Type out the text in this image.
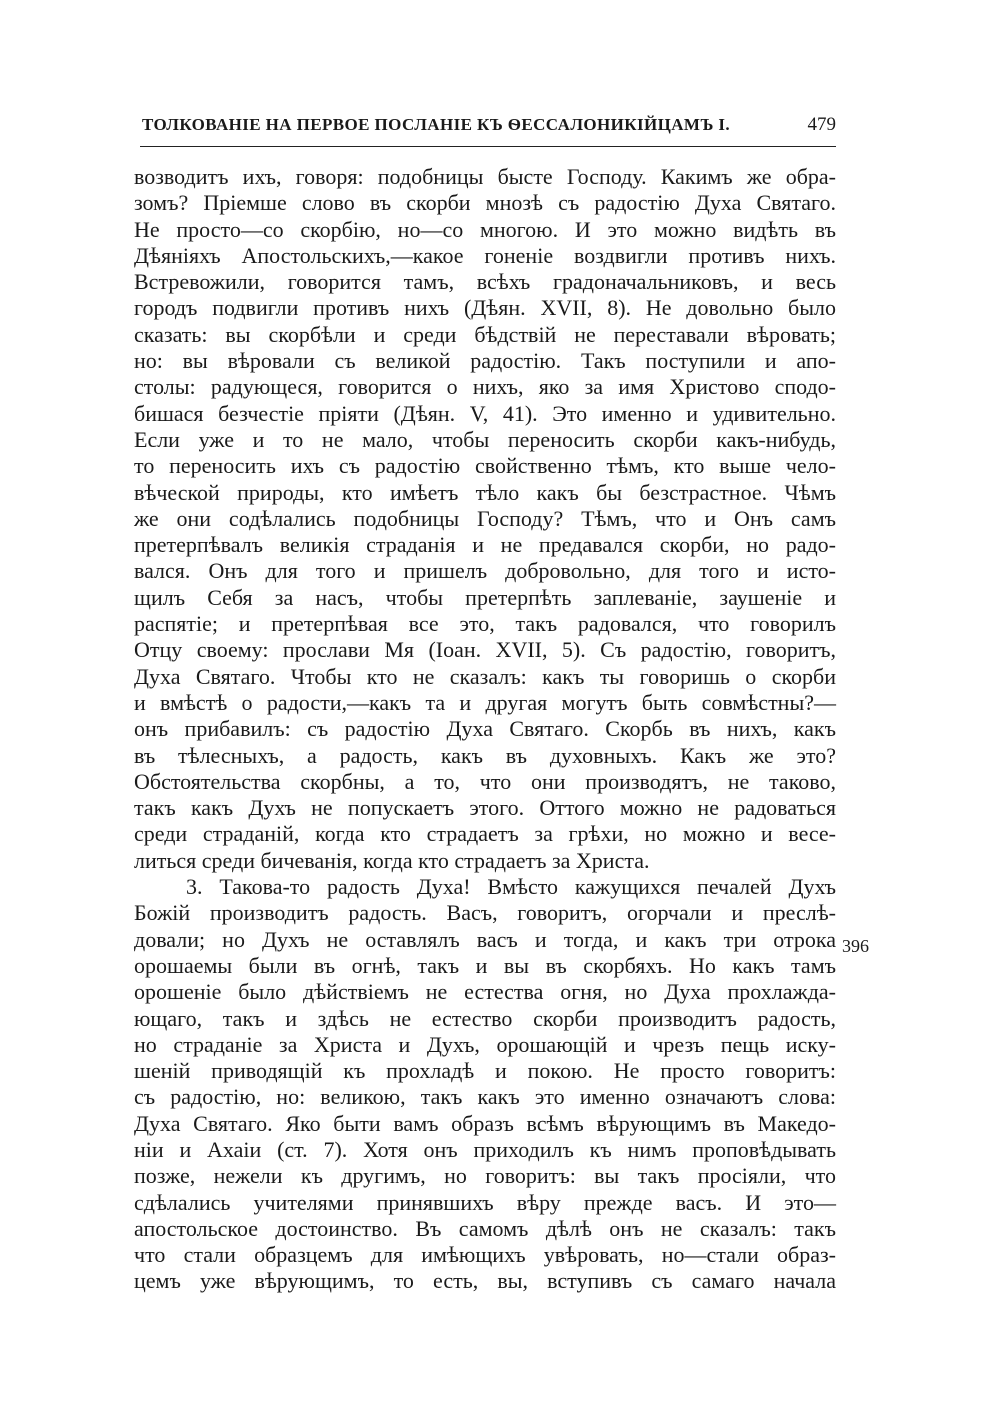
ТОЛКОВАНІЕ НА ПЕРВОЕ ПОСЛАНІЕ КЪ ѲЕССАЛОНИКІЙЦАМЪ I.	479
возводитъ ихъ, говоря: подобницы бысте Господу. Какимъ же обра-
зомъ? Пріемше слово въ скорби мнозѣ съ радостію Духа Святаго.
Не просто—со скорбію, но—со многою. И это можно видѣть въ
Дѣяніяхъ Апостольскихъ,—какое гоненіе воздвигли противъ нихъ.
Встревожили, говорится тамъ, всѣхъ градоначальниковъ, и весь
городъ подвигли противъ нихъ (Дѣян. XVII, 8). Не довольно было
сказать: вы скорбѣли и среди бѣдствій не переставали вѣровать;
но: вы вѣровали съ великой радостію. Такъ поступили и апо-
столы: радующеся, говорится о нихъ, яко за имя Христово сподо-
бишася безчестіе пріяти (Дѣян. V, 41). Это именно и удивительно.
Если уже и то не мало, чтобы переносить скорби какъ-нибудь,
то переносить ихъ съ радостію свойственно тѣмъ, кто выше чело-
вѣческой природы, кто имѣетъ тѣло какъ бы безстрастное. Чѣмъ
же они содѣлались подобницы Господу? Тѣмъ, что и Онъ самъ
претерпѣвалъ великія страданія и не предавался скорби, но радо-
вался. Онъ для того и пришелъ добровольно, для того и исто-
щилъ Себя за насъ, чтобы претерпѣть заплеваніе, заушеніе и
распятіе; и претерпѣвая все это, такъ радовался, что говорилъ
Отцу своему: прослави Мя (Іоан. XVII, 5). Съ радостію, говоритъ,
Духа Святаго. Чтобы кто не сказалъ: какъ ты говоришь о скорби
и вмѣстѣ о радости,—какъ та и другая могутъ быть совмѣстны?—
онъ прибавилъ: съ радостію Духа Святаго. Скорбь въ нихъ, какъ
въ тѣлесныхъ, а радость, какъ въ духовныхъ. Какъ же это?
Обстоятельства скорбны, а то, что они производятъ, не таково,
такъ какъ Духъ не попускаетъ этого. Оттого можно не радоваться
среди страданій, когда кто страдаетъ за грѣхи, но можно и весе-
литься среди бичеванія, когда кто страдаетъ за Христа.
3. Такова-то радость Духа! Вмѣсто кажущихся печалей Духъ
Божій производитъ радость. Васъ, говоритъ, огорчали и преслѣ-
довали; но Духъ не оставлялъ васъ и тогда, и какъ три отрока
орошаемы были въ огнѣ, такъ и вы въ скорбяхъ. Но какъ тамъ
орошеніе было дѣйствіемъ не естества огня, но Духа прохлажда-
ющаго, такъ и здѣсь не естество скорби производитъ радость,
но страданіе за Христа и Духъ, орошающій и чрезъ пещь иску-
шеній приводящій къ прохладѣ и покою. Не просто говоритъ:
съ радостію, но: великою, такъ какъ это именно означаютъ слова:
Духа Святаго. Яко быти вамъ образъ всѣмъ вѣрующимъ въ Македо-
ніи и Ахаіи (ст. 7). Хотя онъ приходилъ къ нимъ проповѣдывать
позже, нежели къ другимъ, но говоритъ: вы такъ просіяли, что
сдѣлались учителями принявшихъ вѣру прежде васъ. И это—
апостольское достоинство. Въ самомъ дѣлѣ онъ не сказалъ: такъ
что стали образцемъ для имѣющихъ увѣровать, но—стали образ-
цемъ уже вѣрующимъ, то есть, вы, вступивъ съ самаго начала
396
